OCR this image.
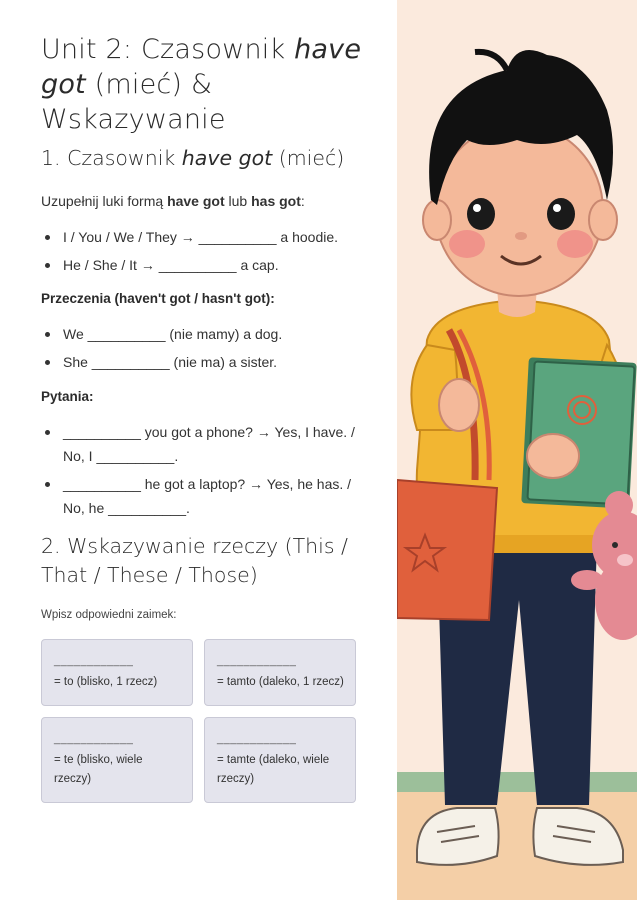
Unit 2: Czasownik have got (mieć) & Wskazywanie
1. Czasownik have got (mieć)
Uzupełnij luki formą have got lub has got:
I / You / We / They → __________ a hoodie.
He / She / It → __________ a cap.
Przeczenia (haven't got / hasn't got):
We __________ (nie mamy) a dog.
She __________ (nie ma) a sister.
Pytania:
__________ you got a phone? → Yes, I have. / No, I __________.
__________ he got a laptop? → Yes, he has. / No, he __________.
2. Wskazywanie rzeczy (This / That / These / Those)
Wpisz odpowiedni zaimek:
____________
= to (blisko, 1 rzecz)
____________
= tamto (daleko, 1 rzecz)
____________
= te (blisko, wiele rzeczy)
____________
= tamte (daleko, wiele rzeczy)
